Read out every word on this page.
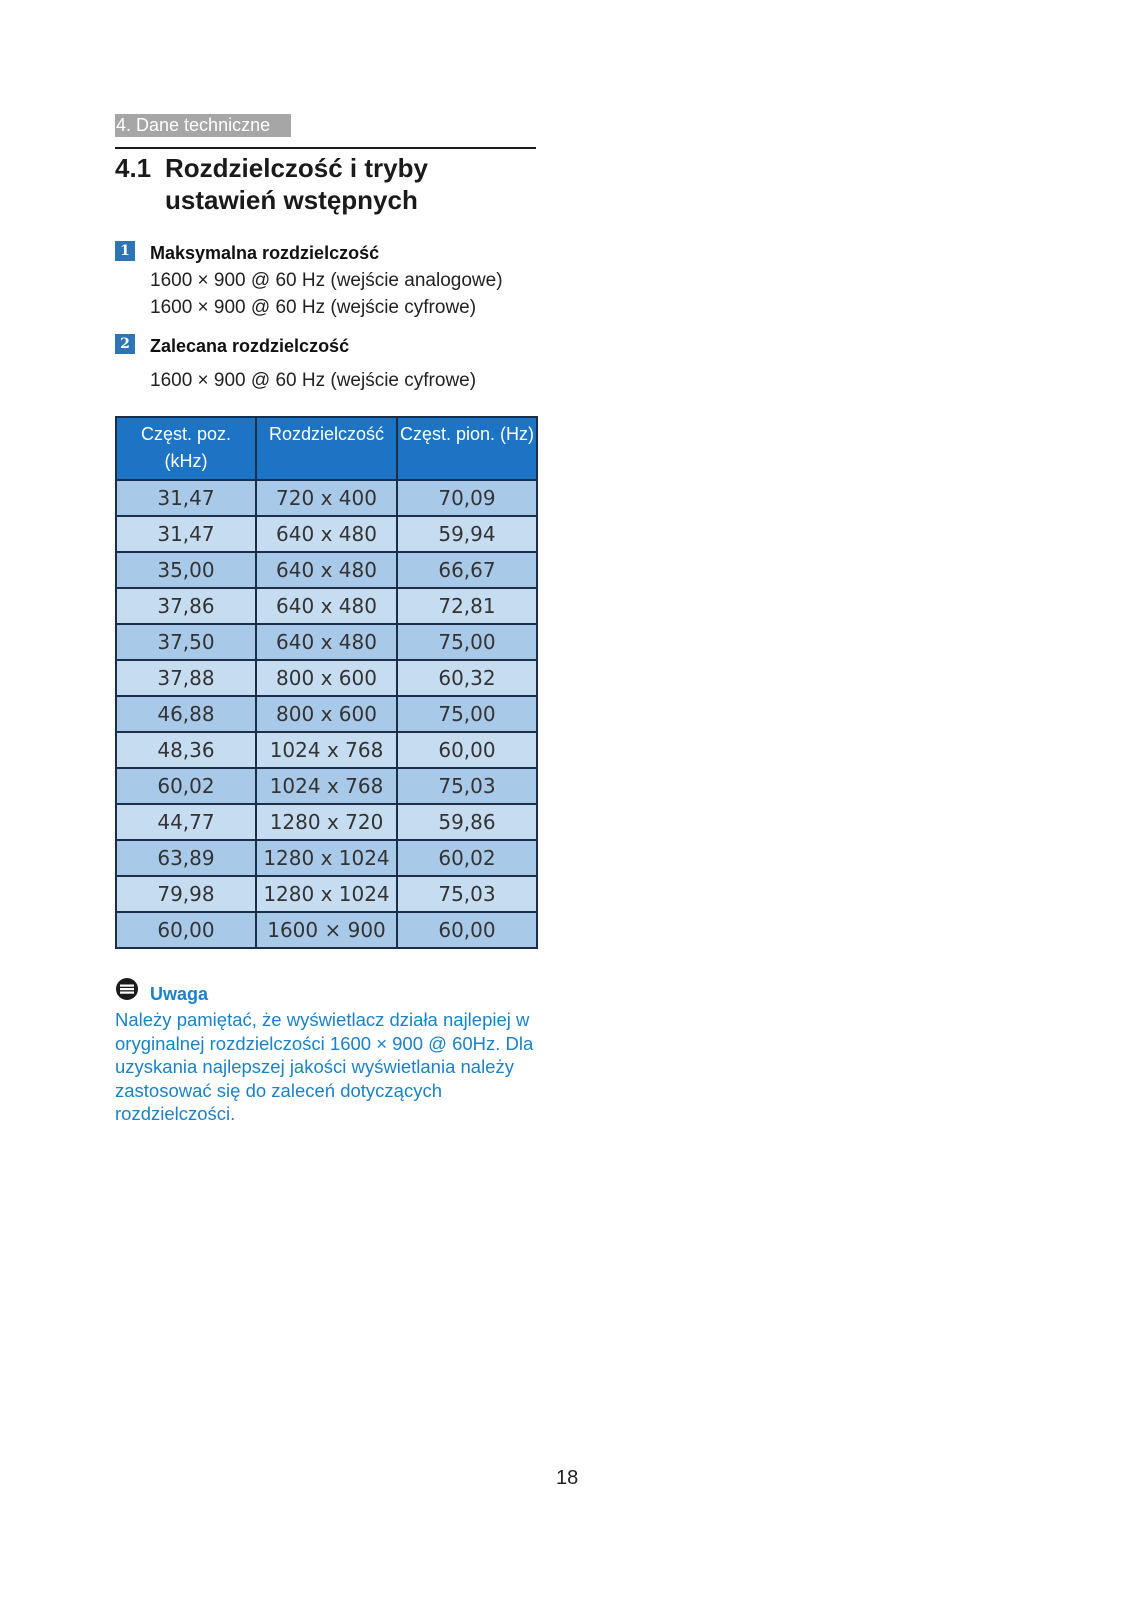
4. Dane techniczne
4.1 Rozdzielczość i tryby ustawień wstępnych
1 Maksymalna rozdzielczość
1600 × 900 @ 60 Hz (wejście analogowe)
1600 × 900 @ 60 Hz (wejście cyfrowe)
2 Zalecana rozdzielczość
1600 × 900 @ 60 Hz (wejście cyfrowe)
Częst. poz. (kHz)	Rozdzielczość	Częst. pion. (Hz)
31,47	720 x 400	70,09
31,47	640 x 480	59,94
35,00	640 x 480	66,67
37,86	640 x 480	72,81
37,50	640 x 480	75,00
37,88	800 x 600	60,32
46,88	800 x 600	75,00
48,36	1024 x 768	60,00
60,02	1024 x 768	75,03
44,77	1280 x 720	59,86
63,89	1280 x 1024	60,02
79,98	1280 x 1024	75,03
60,00	1600 × 900	60,00
Uwaga
Należy pamiętać, że wyświetlacz działa najlepiej w oryginalnej rozdzielczości 1600 × 900 @ 60Hz. Dla uzyskania najlepszej jakości wyświetlania należy zastosować się do zaleceń dotyczących rozdzielczości.
18
